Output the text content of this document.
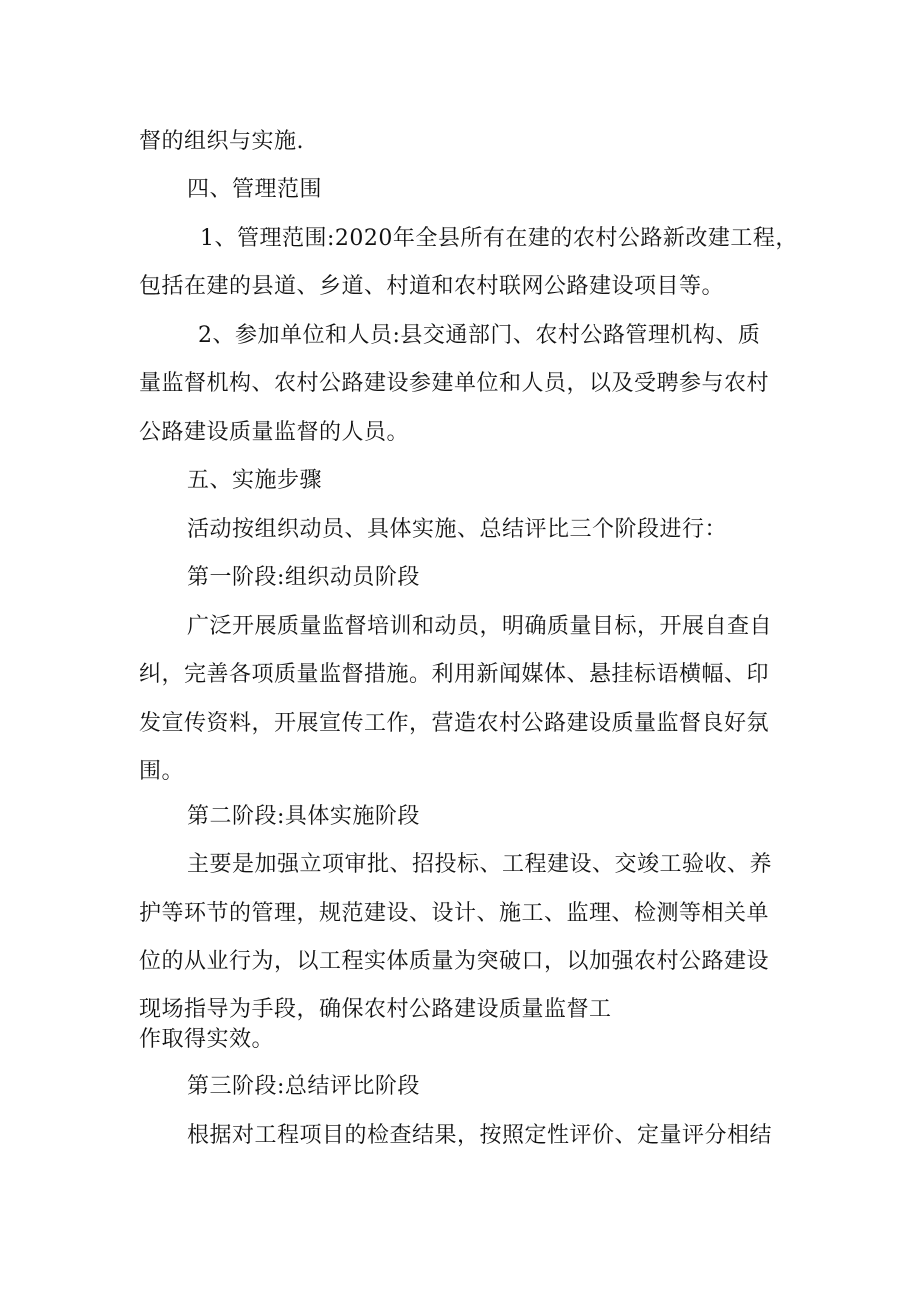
督的组织与实施.

四、管理范围

1、管理范围:2020年全县所有在建的农村公路新改建工程，

包括在建的县道、乡道、村道和农村联网公路建设项目等。

2、参加单位和人员:县交通部门、农村公路管理机构、质

量监督机构、农村公路建设参建单位和人员，以及受聘参与农村

公路建设质量监督的人员。

五、实施步骤

活动按组织动员、具体实施、总结评比三个阶段进行：

第一阶段:组织动员阶段

广泛开展质量监督培训和动员，明确质量目标，开展自查自

纠，完善各项质量监督措施。利用新闻媒体、悬挂标语横幅、印

发宣传资料，开展宣传工作，营造农村公路建设质量监督良好氛

围。

第二阶段:具体实施阶段

主要是加强立项审批、招投标、工程建设、交竣工验收、养

护等环节的管理，规范建设、设计、施工、监理、检测等相关单

位的从业行为，以工程实体质量为突破口，以加强农村公路建设

现场指导为手段，确保农村公路建设质量监督工

作取得实效。

第三阶段:总结评比阶段

根据对工程项目的检查结果，按照定性评价、定量评分相结
